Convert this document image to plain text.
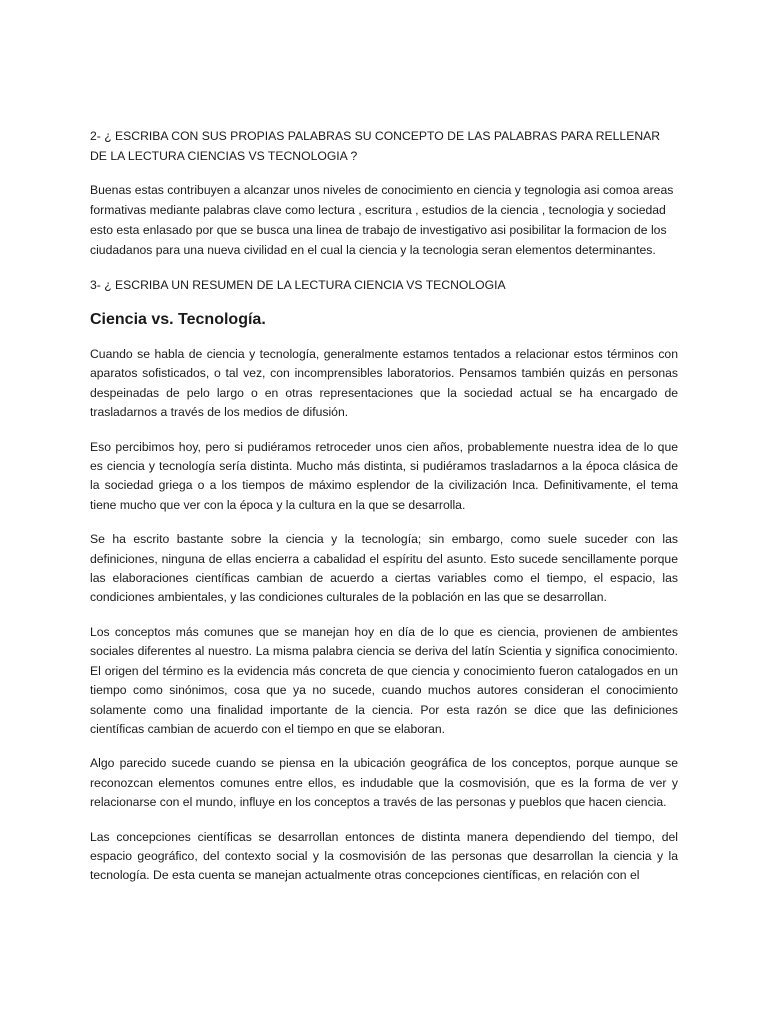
2- ¿ ESCRIBA CON SUS PROPIAS PALABRAS SU CONCEPTO DE LAS PALABRAS PARA RELLENAR DE LA LECTURA CIENCIAS VS TECNOLOGIA ?

Buenas estas contribuyen a alcanzar unos niveles de conocimiento en ciencia y tegnologia asi comoa areas formativas mediante palabras clave como lectura , escritura , estudios de la ciencia , tecnologia y sociedad esto esta enlasado por que se busca una linea de trabajo de investigativo asi posibilitar la formacion de los ciudadanos para una nueva civilidad en el cual la ciencia y la tecnologia seran elementos determinantes.

3- ¿ ESCRIBA UN RESUMEN DE LA LECTURA CIENCIA VS TECNOLOGIA

Ciencia vs. Tecnología.

Cuando se habla de ciencia y tecnología, generalmente estamos tentados a relacionar estos términos con aparatos sofisticados, o tal vez, con incomprensibles laboratorios. Pensamos también quizás en personas despeinadas de pelo largo o en otras representaciones que la sociedad actual se ha encargado de trasladarnos a través de los medios de difusión.

Eso percibimos hoy, pero si pudiéramos retroceder unos cien años, probablemente nuestra idea de lo que es ciencia y tecnología sería distinta. Mucho más distinta, si pudiéramos trasladarnos a la época clásica de la sociedad griega o a los tiempos de máximo esplendor de la civilización Inca. Definitivamente, el tema tiene mucho que ver con la época y la cultura en la que se desarrolla.

Se ha escrito bastante sobre la ciencia y la tecnología; sin embargo, como suele suceder con las definiciones, ninguna de ellas encierra a cabalidad el espíritu del asunto. Esto sucede sencillamente porque las elaboraciones científicas cambian de acuerdo a ciertas variables como el tiempo, el espacio, las condiciones ambientales, y las condiciones culturales de la población en las que se desarrollan.

Los conceptos más comunes que se manejan hoy en día de lo que es ciencia, provienen de ambientes sociales diferentes al nuestro. La misma palabra ciencia se deriva del latín Scientia y significa conocimiento. El origen del término es la evidencia más concreta de que ciencia y conocimiento fueron catalogados en un tiempo como sinónimos, cosa que ya no sucede, cuando muchos autores consideran el conocimiento solamente como una finalidad importante de la ciencia. Por esta razón se dice que las definiciones científicas cambian de acuerdo con el tiempo en que se elaboran.

Algo parecido sucede cuando se piensa en la ubicación geográfica de los conceptos, porque aunque se reconozcan elementos comunes entre ellos, es indudable que la cosmovisión, que es la forma de ver y relacionarse con el mundo, influye en los conceptos a través de las personas y pueblos que hacen ciencia.

Las concepciones científicas se desarrollan entonces de distinta manera dependiendo del tiempo, del espacio geográfico, del contexto social y la cosmovisión de las personas que desarrollan la ciencia y la tecnología. De esta cuenta se manejan actualmente otras concepciones científicas, en relación con el
